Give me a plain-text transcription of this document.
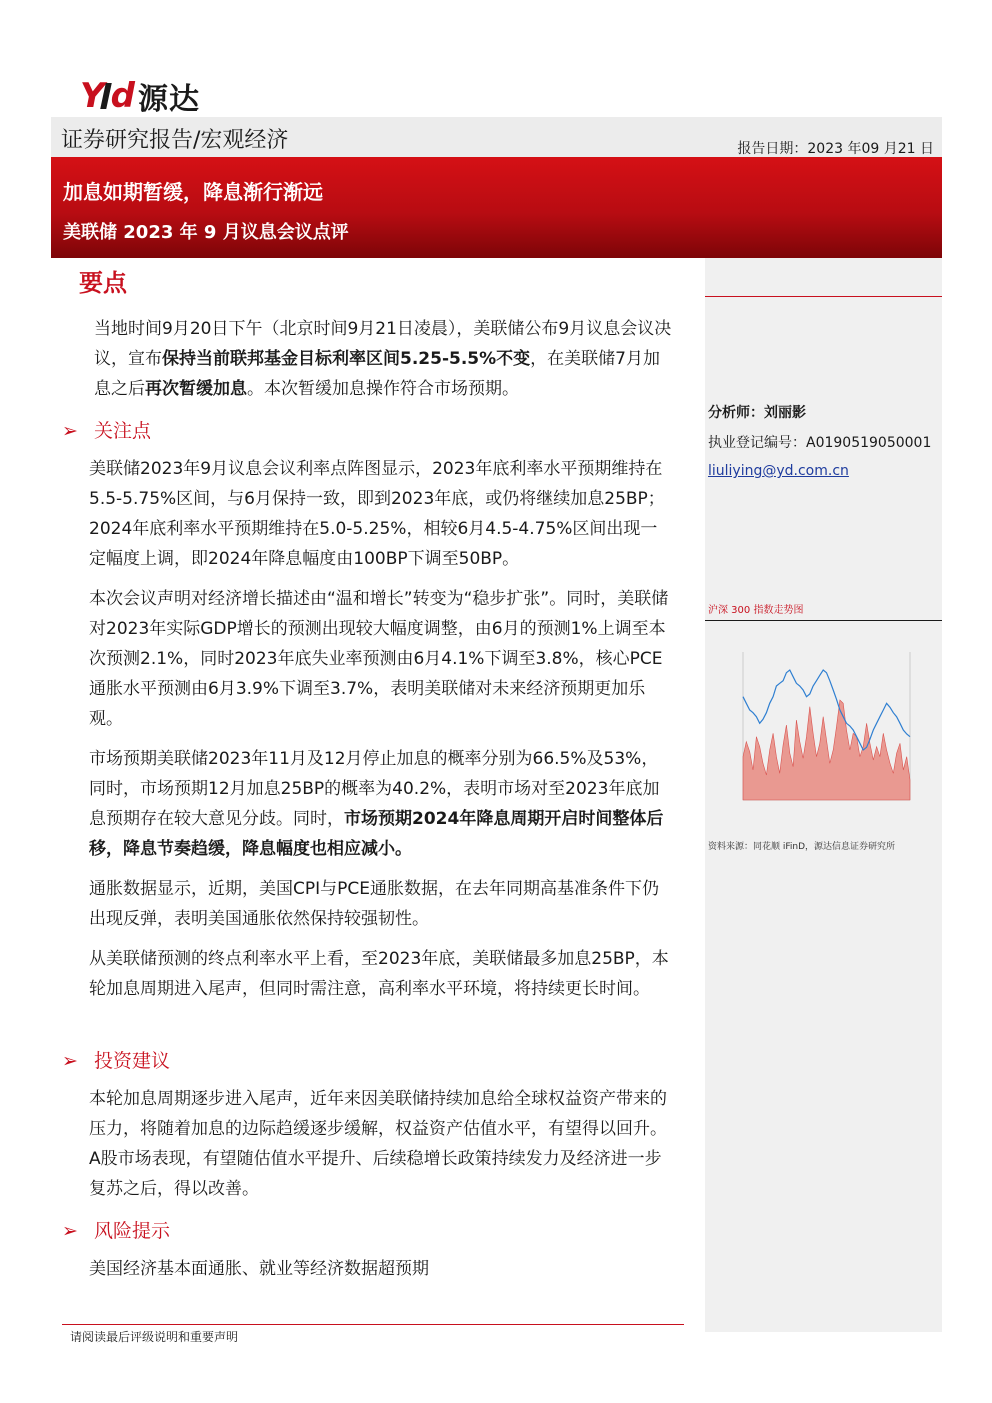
Y d 源达
证券研究报告/宏观经济	报告日期：2023 年09 月21 日
加息如期暂缓，降息渐行渐远
美联储 2023 年 9 月议息会议点评
分析师：刘丽影
执业登记编号：A0190519050001
liuliying@yd.com.cn
沪深 300 指数走势图
资料来源：同花顺 iFinD，源达信息证券研究所
要点
当地时间9月20日下午（北京时间9月21日凌晨），美联储公布9月议息会议决议，宣布保持当前联邦基金目标利率区间5.25-5.5%不变，在美联储7月加息之后再次暂缓加息。本次暂缓加息操作符合市场预期。
➢ 关注点
美联储2023年9月议息会议利率点阵图显示，2023年底利率水平预期维持在5.5-5.75%区间，与6月保持一致，即到2023年底，或仍将继续加息25BP；2024年底利率水平预期维持在5.0-5.25%，相较6月4.5-4.75%区间出现一定幅度上调，即2024年降息幅度由100BP下调至50BP。
本次会议声明对经济增长描述由“温和增长”转变为“稳步扩张”。同时，美联储对2023年实际GDP增长的预测出现较大幅度调整，由6月的预测1%上调至本次预测2.1%，同时2023年底失业率预测由6月4.1%下调至3.8%，核心PCE通胀水平预测由6月3.9%下调至3.7%，表明美联储对未来经济预期更加乐观。
市场预期美联储2023年11月及12月停止加息的概率分别为66.5%及53%，同时，市场预期12月加息25BP的概率为40.2%，表明市场对至2023年底加息预期存在较大意见分歧。同时，市场预期2024年降息周期开启时间整体后移，降息节奏趋缓，降息幅度也相应减小。
通胀数据显示，近期，美国CPI与PCE通胀数据，在去年同期高基准条件下仍出现反弹，表明美国通胀依然保持较强韧性。
从美联储预测的终点利率水平上看，至2023年底，美联储最多加息25BP，本轮加息周期进入尾声，但同时需注意，高利率水平环境，将持续更长时间。
➢ 投资建议
本轮加息周期逐步进入尾声，近年来因美联储持续加息给全球权益资产带来的压力，将随着加息的边际趋缓逐步缓解，权益资产估值水平，有望得以回升。A股市场表现，有望随估值水平提升、后续稳增长政策持续发力及经济进一步复苏之后，得以改善。
➢ 风险提示
美国经济基本面通胀、就业等经济数据超预期
请阅读最后评级说明和重要声明
